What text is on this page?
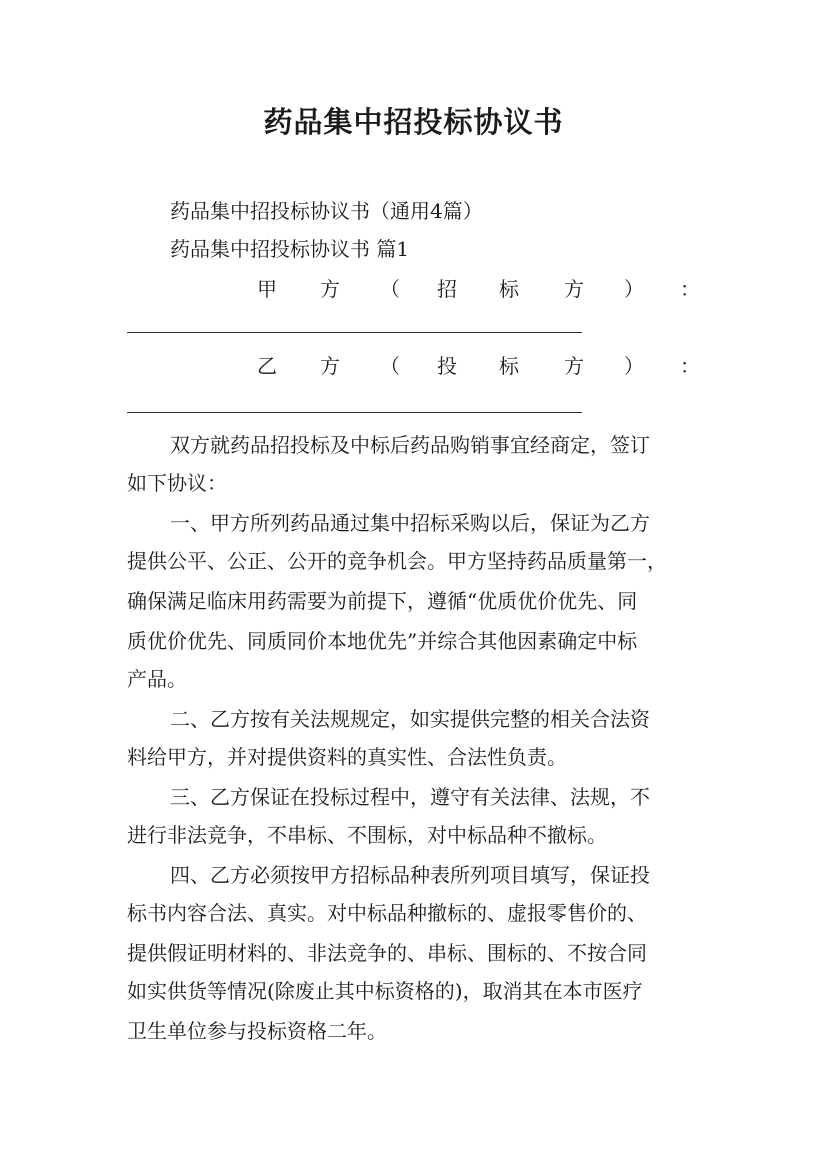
药品集中招投标协议书
药品集中招投标协议书（通用4篇）
药品集中招投标协议书 篇1
甲 方 （ 招 标 方 ） ：
乙 方 （ 投 标 方 ） ：
双方就药品招投标及中标后药品购销事宜经商定，签订
如下协议：
一、甲方所列药品通过集中招标采购以后，保证为乙方
提供公平、公正、公开的竞争机会。甲方坚持药品质量第一，
确保满足临床用药需要为前提下，遵循“优质优价优先、同
质优价优先、同质同价本地优先”并综合其他因素确定中标
产品。
二、乙方按有关法规规定，如实提供完整的相关合法资
料给甲方，并对提供资料的真实性、合法性负责。
三、乙方保证在投标过程中，遵守有关法律、法规，不
进行非法竞争，不串标、不围标，对中标品种不撤标。
四、乙方必须按甲方招标品种表所列项目填写，保证投
标书内容合法、真实。对中标品种撤标的、虚报零售价的、
提供假证明材料的、非法竞争的、串标、围标的、不按合同
如实供货等情况(除废止其中标资格的)，取消其在本市医疗
卫生单位参与投标资格二年。
